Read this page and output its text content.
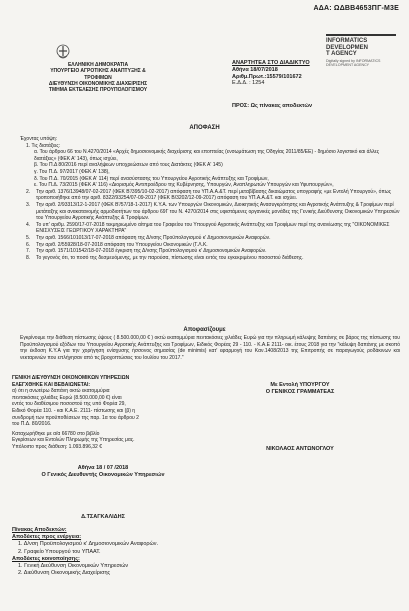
ΑΔΑ: ΩΔΒΒ4653ΠΓ-Μ3Ε
INFORMATICS
DEVELOPMEN
T AGENCY
Digitally signed by INFORMATICS DEVELOPMENT AGENCY
ΕΛΛΗΝΙΚΗ ΔΗΜΟΚΡΑΤΙΑ
ΥΠΟΥΡΓΕΙΟ ΑΓΡΟΤΙΚΗΣ ΑΝΑΠΤΥΞΗΣ &
ΤΡΟΦΙΜΩΝ
ΔΙΕΥΘΥΝΣΗ ΟΙΚΟΝΟΜΙΚΗΣ ΔΙΑΧΕΙΡΙΣΗΣ
ΤΜΗΜΑ ΕΚΤΕΛΕΣΗΣ ΠΡΟΥΠΟΛΟΓΙΣΜΟΥ
ΑΝΑΡΤΗΤΕΑ ΣΤΟ ΔΙΑΔΙΚΤΥΟ
Αθήνα 18/07/2018
Αριθμ.Πρωτ.:15579/101672
Ε.Δ.Δ. : 1254
ΠΡΟΣ: Ως πίνακας αποδεκτών
ΑΠΟΦΑΣΗ
Έχοντας υπόψη:
1. Τις διατάξεις:
α. Του άρθρου 66 του Ν.4270/2014 «Αρχές δημοσιονομικής διαχείρισης και εποπτείας (ενσωμάτωση της Οδηγίας 2011/85/ΕΕ) - δημόσιο λογιστικό και άλλες διατάξεις» (ΦΕΚ Α' 143), όπως ισχύει,
β. Του Π.Δ 80/2016 περί αναλήψεων υποχρεώσεων από τους Διατάκτες (ΦΕΚ Α' 145)
γ. Του Π.Δ. 97/2017 (ΦΕΚ Α' 138),
δ. Του Π.Δ. 70/2015 (ΦΕΚ Α' 114) περί ανασύστασης του Υπουργείου Αγροτικής Ανάπτυξης και Τροφίμων,
ε. Του Π.Δ. 73/2015 (ΦΕΚ Α' 116) «Διορισμός Αντιπροέδρου της Κυβέρνησης, Υπουργών, Αναπληρωτών Υπουργών και Υφυπουργών»,
2. Την αριθ. 1376/13948/07-02-2017 (ΦΕΚ Β'/395/10-02-2017) απόφαση του ΥΠ.Α.Α.&Τ. περί μεταβίβασης δικαιώματος υπογραφής «με Εντολή Υπουργού», όπως τροποποιήθηκε από την αριθ. 8322/93254/07-09-2017 (ΦΕΚ Β/3202/12-09-2017) απόφαση του ΥΠ.Α.Α.&Τ. και ισχύει.
3. Την αριθ. 2/93313/12-1-2017 (ΦΕΚ Β'/57/18-1-2017) Κ.Υ.Α. των Υπουργών Οικονομικών, Διοικητικής Ανασυγκρότησης και Αγροτικής Ανάπτυξης & Τροφίμων περί μετάταξης και ανακατανομής αρμοδιοτήτων του άρθρου 69Γ του Ν. 4270/2014 στις υφιστάμενες οργανικές μονάδες της Γενικής Διεύθυνσης Οικονομικών Υπηρεσιών του Υπουργείου Αγροτικής Ανάπτυξης & Τροφίμων.
4. Το υπ' αριθμ. 2590/17-07-2018 τεκμηριωμένο αίτημα του Γραφείου του Υπουργού Αγροτικής Ανάπτυξης και Τροφίμων περί της ανανέωσης της "ΟΙΚΟΝΟΜΙΚΕΣ ΕΝΙΣΧΥΣΕΙΣ ΓΕΩΡΓΙΚΟΥ ΧΑΡΑΚΤΗΡΑ"
5. Την αριθ. 1566/101013/17-07-2018 απόφαση της Δ/νσης Προϋπολογισμού κ' Δημοσιονομικών Αναφορών.
6. Την αριθ. 2/55928/18-07-2018 απόφαση του Υπουργείου Οικονομικών (Γ.Λ.Κ.
7. Την αριθ. 1571/101542/18-07-2018 έγκριση της Δ/νσης Προϋπολογισμού κ' Δημοσιονομικών Αναφορών.
8. Το γεγονός ότι, το ποσό της δεσμευόμενης, με την παρούσα, πίστωσης είναι εντός του εγκεκριμένου ποσοστού διάθεσης.
Αποφασίζουμε
Εγκρίνουμε την διάθεση πίστωσης ύψους ( 8.500.000,00 € ) οκτώ εκατομμύρια πεντακόσιες χιλιάδες Ευρώ για την πληρωμή κάλυψης δαπάνης σε βάρος της πίστωσης του Προϋπολογισμού εξόδων του Υπουργείου Αγροτικής Ανάπτυξης και Τροφίμων, Ειδικός Φορέας 29 - 110. - Κ.Α.Ε 2111- οικ. έτους 2018 για την "κάλυψη δαπάνης με σκοπό την έκδοση Κ.Υ.Α για την χορήγηση ενίσχυσης ήσσονος σημασίας (de minimis) κατ' εφαρμογή του Καν.1408/2013 της Επιτροπής σε παραγωγούς ροδάκινων και νεκταρινιών που επλήγησαν από τις βροχοπτώσεις του Ιουλίου του 2017."
ΓΕΝΙΚΗ ΔΙΕΥΘΥΝΣΗ ΟΙΚΟΝΟΜΙΚΩΝ ΥΠΗΡΕΣΙΩΝ
ΕΛΕΓΧΘΗΚΕ ΚΑΙ ΒΕΒΑΙΩΝΕΤΑΙ:
α) ότι η ανωτέρω δαπάνη οκτώ εκατομμύρια
πεντακόσιες χιλιάδες Ευρώ (8.500.000,00 €) είναι
εντός του διαθέσιμου ποσοστού της υπό Φορέα 29,
Ειδικό Φορέα 110. - και Κ.Α.Ε. 2111- πίστωσης και (β) η
συνδρομή των προϋποθέσεων της παρ. 1α του άρθρου 2
του Π.Δ. 80/2016.
Καταχωρήθηκε με α/α 66780 στο βιβλίο
Εγκρίσεων και Εντολών Πληρωμής της Υπηρεσίας μας.
Υπόλοιπο προς διάθεση: 1.093.896,32 €
Με Εντολή ΥΠΟΥΡΓΟΥ
Ο ΓΕΝΙΚΟΣ ΓΡΑΜΜΑΤΕΑΣ
ΝΙΚΟΛΑΟΣ ΑΝΤΩΝΟΓΛΟΥ
Αθήνα 18 / 07 /2018
Ο Γενικός Διευθυντής Οικονομικών Υπηρεσιών
Δ.ΤΣΑΓΚΑΛΙΔΗΣ
Πίνακας Αποδεκτών:
Αποδέκτες προς ενέργεια:
1. Δ/νση Προϋπολογισμού κ' Δημοσιονομικών Αναφορών.
2. Γραφείο Υπουργού του ΥΠΑΑΤ.
Αποδέκτες κοινοποίησης:
1. Γενική Διεύθυνση Οικονομικών Υπηρεσιών
2. Διεύθυνση Οικονομικής Διαχείρισης
